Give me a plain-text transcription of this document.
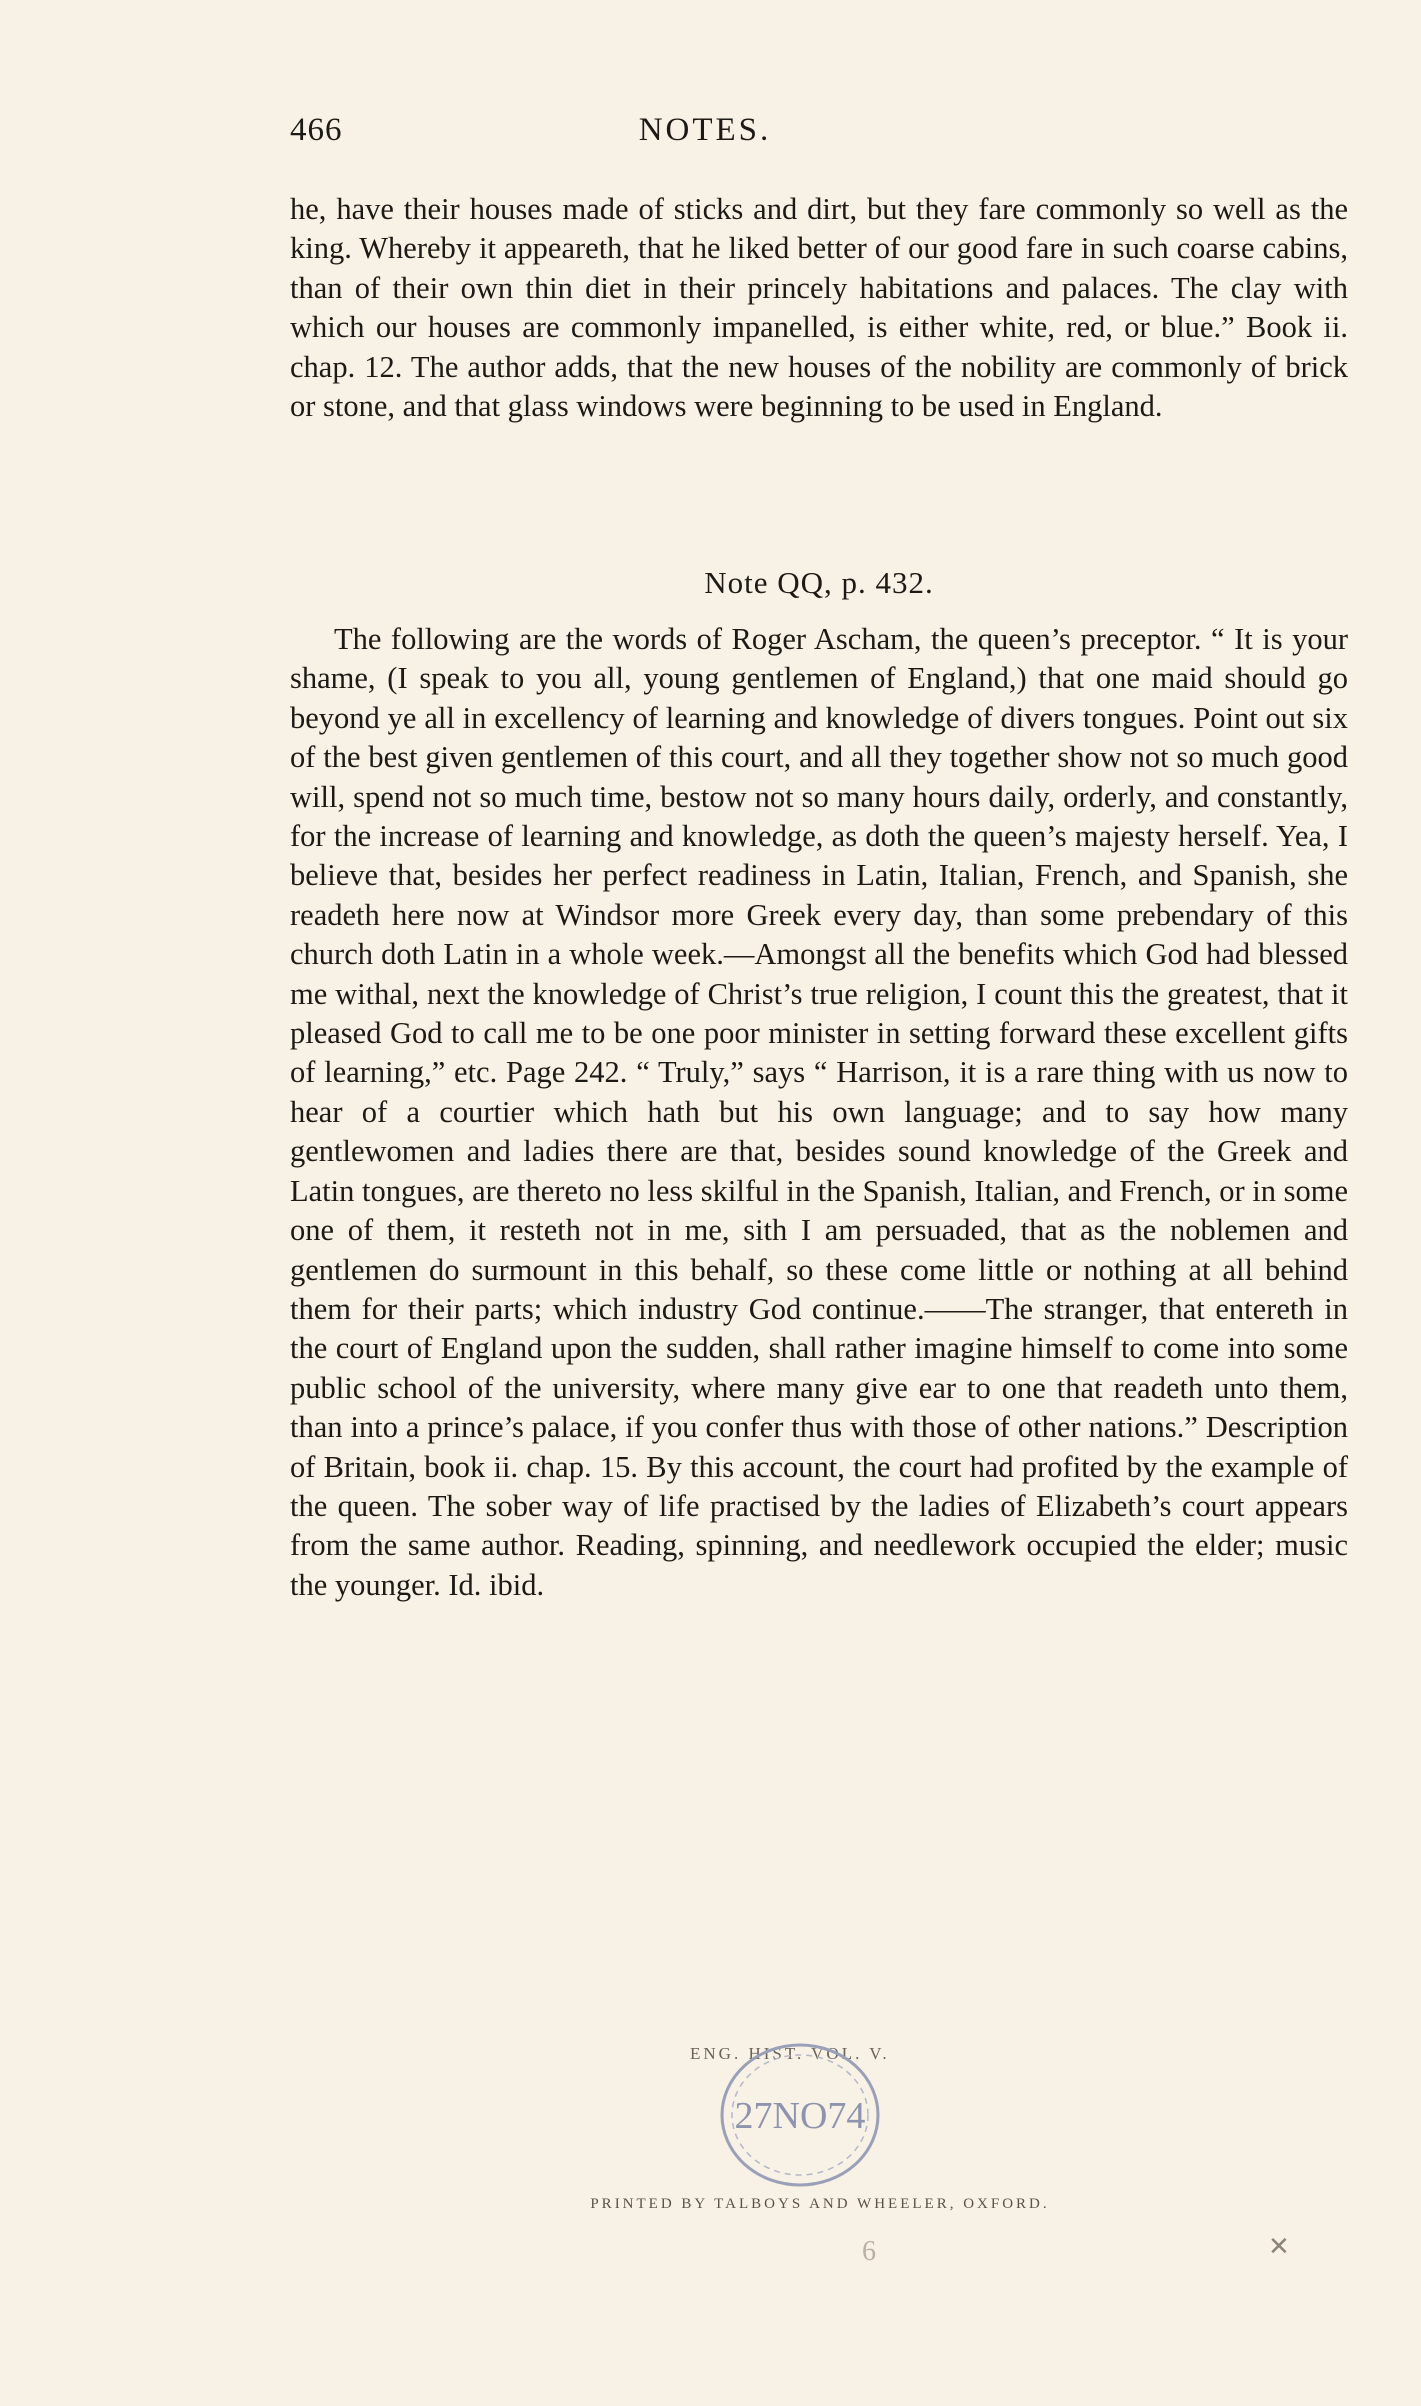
466	NOTES.

he, have their houses made of sticks and dirt, but they fare commonly so well as the king. Whereby it appeareth, that he liked better of our good fare in such coarse cabins, than of their own thin diet in their princely habitations and palaces. The clay with which our houses are commonly impanelled, is either white, red, or blue.” Book ii. chap. 12. The author adds, that the new houses of the nobility are commonly of brick or stone, and that glass windows were beginning to be used in England.

Note QQ, p. 432.

The following are the words of Roger Ascham, the queen’s preceptor. “ It is your shame, (I speak to you all, young gentlemen of England,) that one maid should go beyond ye all in excellency of learning and knowledge of divers tongues. Point out six of the best given gentlemen of this court, and all they together show not so much good will, spend not so much time, bestow not so many hours daily, orderly, and constantly, for the increase of learning and knowledge, as doth the queen’s majesty herself. Yea, I believe that, besides her perfect readiness in Latin, Italian, French, and Spanish, she readeth here now at Windsor more Greek every day, than some prebendary of this church doth Latin in a whole week.—Amongst all the benefits which God had blessed me withal, next the knowledge of Christ’s true religion, I count this the greatest, that it pleased God to call me to be one poor minister in setting forward these excellent gifts of learning,” etc. Page 242. “ Truly,” says “ Harrison, it is a rare thing with us now to hear of a courtier which hath but his own language; and to say how many gentlewomen and ladies there are that, besides sound knowledge of the Greek and Latin tongues, are thereto no less skilful in the Spanish, Italian, and French, or in some one of them, it resteth not in me, sith I am persuaded, that as the noblemen and gentlemen do surmount in this behalf, so these come little or nothing at all behind them for their parts; which industry God continue.——The stranger, that entereth in the court of England upon the sudden, shall rather imagine himself to come into some public school of the university, where many give ear to one that readeth unto them, than into a prince’s palace, if you confer thus with those of other nations.” Description of Britain, book ii. chap. 15. By this account, the court had profited by the example of the queen. The sober way of life practised by the ladies of Elizabeth’s court appears from the same author. Reading, spinning, and needlework occupied the elder; music the younger. Id. ibid.

ENG. HIST. VOL. V.
27NO74
PRINTED BY TALBOYS AND WHEELER, OXFORD.
6	✕
